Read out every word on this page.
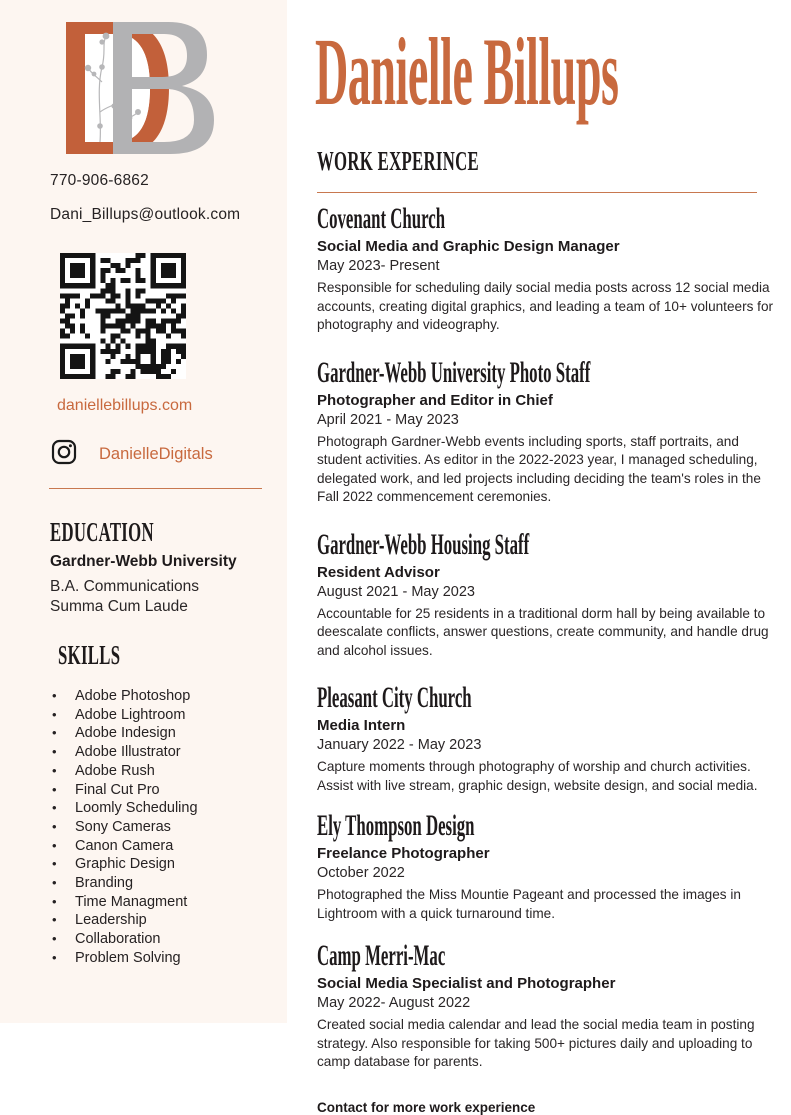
770-906-6862
Dani_Billups@outlook.com
daniellebillups.com
DanielleDigitals
EDUCATION
Gardner-Webb University
B.A. Communications
Summa Cum Laude
SKILLS
•	Adobe Photoshop
•	Adobe Lightroom
•	Adobe Indesign
•	Adobe Illustrator
•	Adobe Rush
•	Final Cut Pro
•	Loomly Scheduling
•	Sony Cameras
•	Canon Camera
•	Graphic Design
•	Branding
•	Time Managment
•	Leadership
•	Collaboration
•	Problem Solving
Danielle Billups
WORK EXPERINCE
Covenant Church
Social Media and Graphic Design Manager
May 2023- Present

Responsible for scheduling daily social media posts across 12 social media accounts, creating digital graphics, and leading a team of 10+ volunteers for photography and videography.

Gardner-Webb University Photo Staff
Photographer and Editor in Chief
April 2021 - May 2023

Photograph Gardner-Webb events including sports, staff portraits, and student activities. As editor in the 2022-2023 year, I managed scheduling, delegated work, and led projects including deciding the team's roles in the Fall 2022 commencement ceremonies.

Gardner-Webb Housing Staff
Resident Advisor
August 2021 - May 2023

Accountable for 25 residents in a traditional dorm hall by being available to deescalate conflicts, answer questions, create community, and handle drug and alcohol issues.

Pleasant City Church
Media Intern
January 2022 - May 2023

Capture moments through photography of worship and church activities. Assist with live stream, graphic design, website design, and social media.

Ely Thompson Design
Freelance Photographer
October 2022

Photographed the Miss Mountie Pageant and processed the images in Lightroom with a quick turnaround time.

Camp Merri-Mac
Social Media Specialist and Photographer
May 2022- August 2022

Created social media calendar and lead the social media team in posting strategy. Also responsible for taking 500+ pictures daily and uploading to camp database for parents.

Contact for more work experience
